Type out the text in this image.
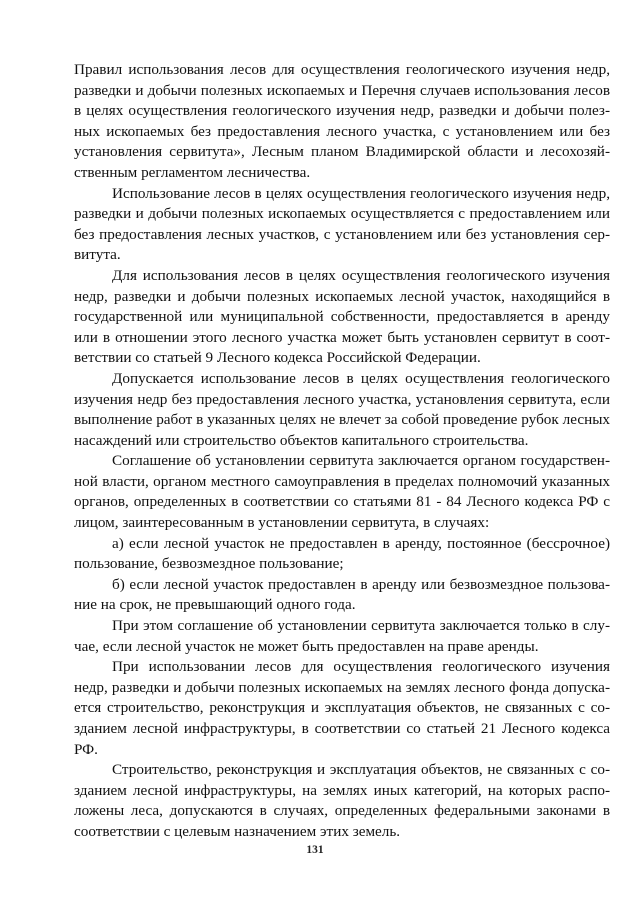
Правил использования лесов для осуществления геологического изучения недр, разведки и добычи полезных ископаемых и Перечня случаев использования лесов в целях осуществления геологического изучения недр, разведки и добычи полезных ископаемых без предоставления лесного участка, с установлением или без установления сервитута», Лесным планом Владимирской области и лесохозяйственным регламентом лесничества.

Использование лесов в целях осуществления геологического изучения недр, разведки и добычи полезных ископаемых осуществляется с предоставлением или без предоставления лесных участков, с установлением или без установления сервитута.

Для использования лесов в целях осуществления геологического изучения недр, разведки и добычи полезных ископаемых лесной участок, находящийся в государственной или муниципальной собственности, предоставляется в аренду или в отношении этого лесного участка может быть установлен сервитут в соответствии со статьей 9 Лесного кодекса Российской Федерации.

Допускается использование лесов в целях осуществления геологического изучения недр без предоставления лесного участка, установления сервитута, если выполнение работ в указанных целях не влечет за собой проведение рубок лесных насаждений или строительство объектов капитального строительства.

Соглашение об установлении сервитута заключается органом государственной власти, органом местного самоуправления в пределах полномочий указанных органов, определенных в соответствии со статьями 81 - 84 Лесного кодекса РФ с лицом, заинтересованным в установлении сервитута, в случаях:

а) если лесной участок не предоставлен в аренду, постоянное (бессрочное) пользование, безвозмездное пользование;

б) если лесной участок предоставлен в аренду или безвозмездное пользование на срок, не превышающий одного года.

При этом соглашение об установлении сервитута заключается только в случае, если лесной участок не может быть предоставлен на праве аренды.

При использовании лесов для осуществления геологического изучения недр, разведки и добычи полезных ископаемых на землях лесного фонда допускается строительство, реконструкция и эксплуатация объектов, не связанных с созданием лесной инфраструктуры, в соответствии со статьей 21 Лесного кодекса РФ.

Строительство, реконструкция и эксплуатация объектов, не связанных с созданием лесной инфраструктуры, на землях иных категорий, на которых расположены леса, допускаются в случаях, определенных федеральными законами в соответствии с целевым назначением этих земель.

131
